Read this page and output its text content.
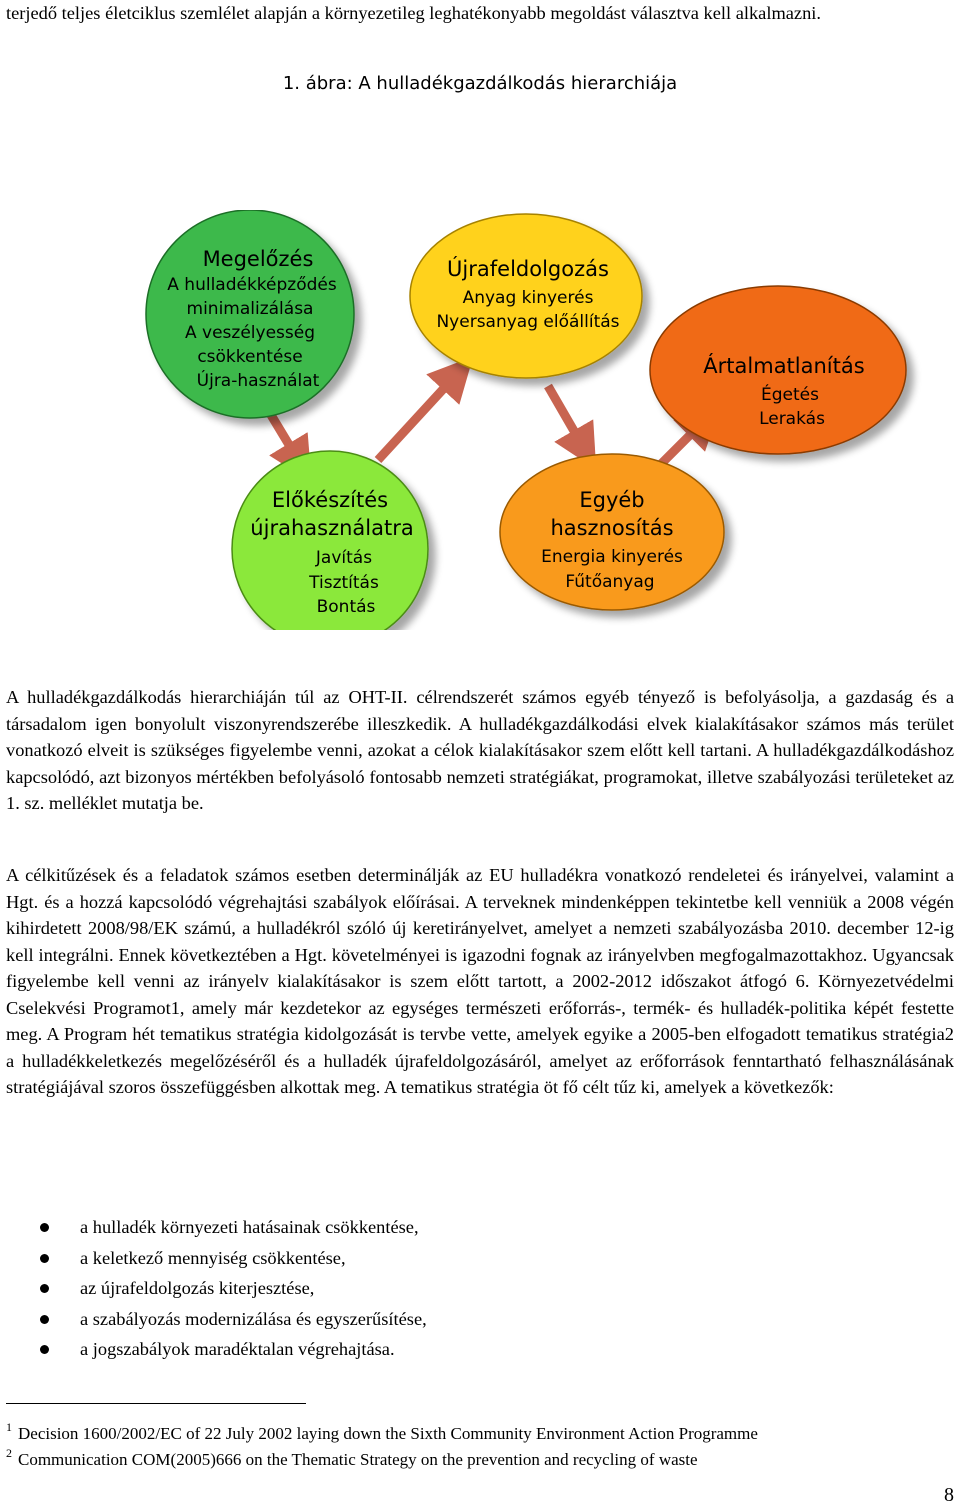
terjedő teljes életciklus szemlélet alapján a környezetileg leghatékonyabb megoldást választva kell alkalmazni.

1. ábra: A hulladékgazdálkodás hierarchiája
Megelőzés
A hulladékképződés
minimalizálása
A veszélyesség
csökkentése
Újra-használat
Újrafeldolgozás
Anyag kinyerés
Nyersanyag előállítás
Ártalmatlanítás
Égetés
Lerakás
Előkészítés
újrahasználatra
Javítás
Tisztítás
Bontás
Egyéb
hasznosítás
Energia kinyerés
Fűtőanyag

A hulladékgazdálkodás hierarchiáján túl az OHT-II. célrendszerét számos egyéb tényező is befolyásolja, a gazdaság és a társadalom igen bonyolult viszonyrendszerébe illeszkedik. A hulladékgazdálkodási elvek kialakításakor számos más terület vonatkozó elveit is szükséges figyelembe venni, azokat a célok kialakításakor szem előtt kell tartani. A hulladékgazdálkodáshoz kapcsolódó, azt bizonyos mértékben befolyásoló fontosabb nemzeti stratégiákat, programokat, illetve szabályozási területeket az 1. sz. melléklet mutatja be.

A célkitűzések és a feladatok számos esetben determinálják az EU hulladékra vonatkozó rendeletei és irányelvei, valamint a Hgt. és a hozzá kapcsolódó végrehajtási szabályok előírásai. A terveknek mindenképpen tekintetbe kell venniük a 2008 végén kihirdetett 2008/98/EK számú, a hulladékról szóló új keretirányelvet, amelyet a nemzeti szabályozásba 2010. december 12-ig kell integrálni. Ennek következtében a Hgt. követelményei is igazodni fognak az irányelvben megfogalmazottakhoz. Ugyancsak figyelembe kell venni az irányelv kialakításakor is szem előtt tartott, a 2002-2012 időszakot átfogó 6. Környezetvédelmi Cselekvési Programot1, amely már kezdetekor az egységes természeti erőforrás-, termék- és hulladék-politika képét festette meg. A Program hét tematikus stratégia kidolgozását is tervbe vette, amelyek egyike a 2005-ben elfogadott tematikus stratégia2 a hulladékkeletkezés megelőzéséről és a hulladék újrafeldolgozásáról, amelyet az erőforrások fenntartható felhasználásának stratégiájával szoros összefüggésben alkottak meg. A tematikus stratégia öt fő célt tűz ki, amelyek a következők:

a hulladék környezeti hatásainak csökkentése,
a keletkező mennyiség csökkentése,
az újrafeldolgozás kiterjesztése,
a szabályozás modernizálása és egyszerűsítése,
a jogszabályok maradéktalan végrehajtása.
$^1$ Decision 1600/2002/EC of 22 July 2002 laying down the Sixth Community Environment Action Programme
$^2$ Communication COM(2005)666 on the Thematic Strategy on the prevention and recycling of waste
8
